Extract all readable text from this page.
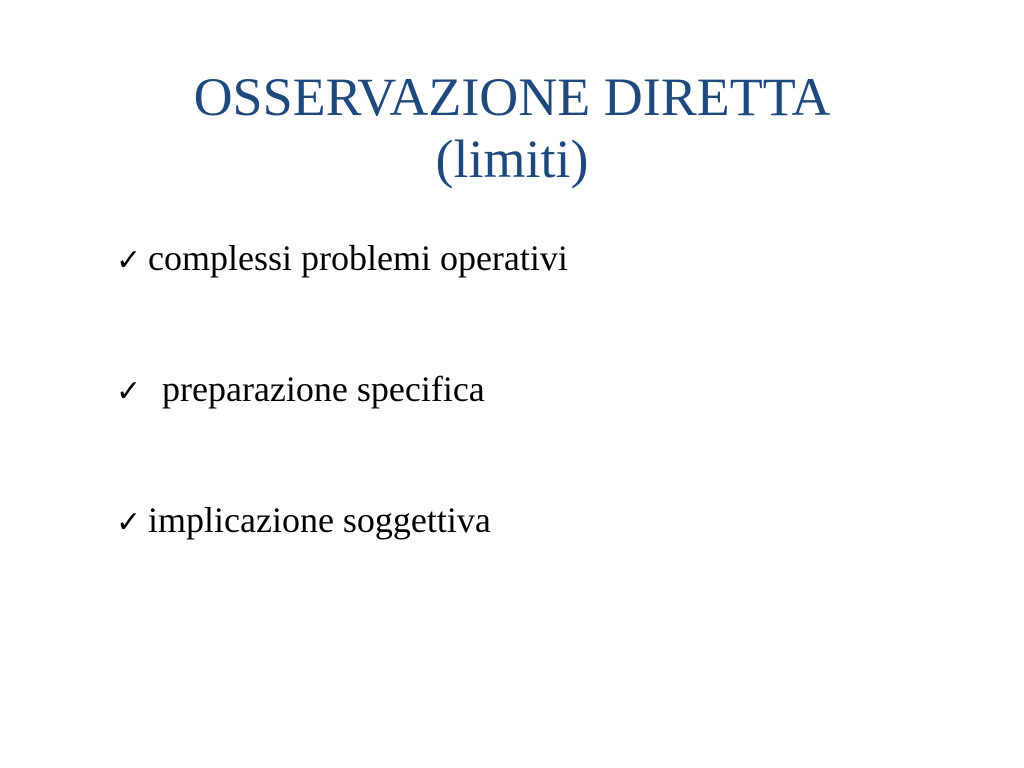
OSSERVAZIONE DIRETTA
(limiti)
✓ complessi problemi operativi
✓ preparazione specifica
✓ implicazione soggettiva
